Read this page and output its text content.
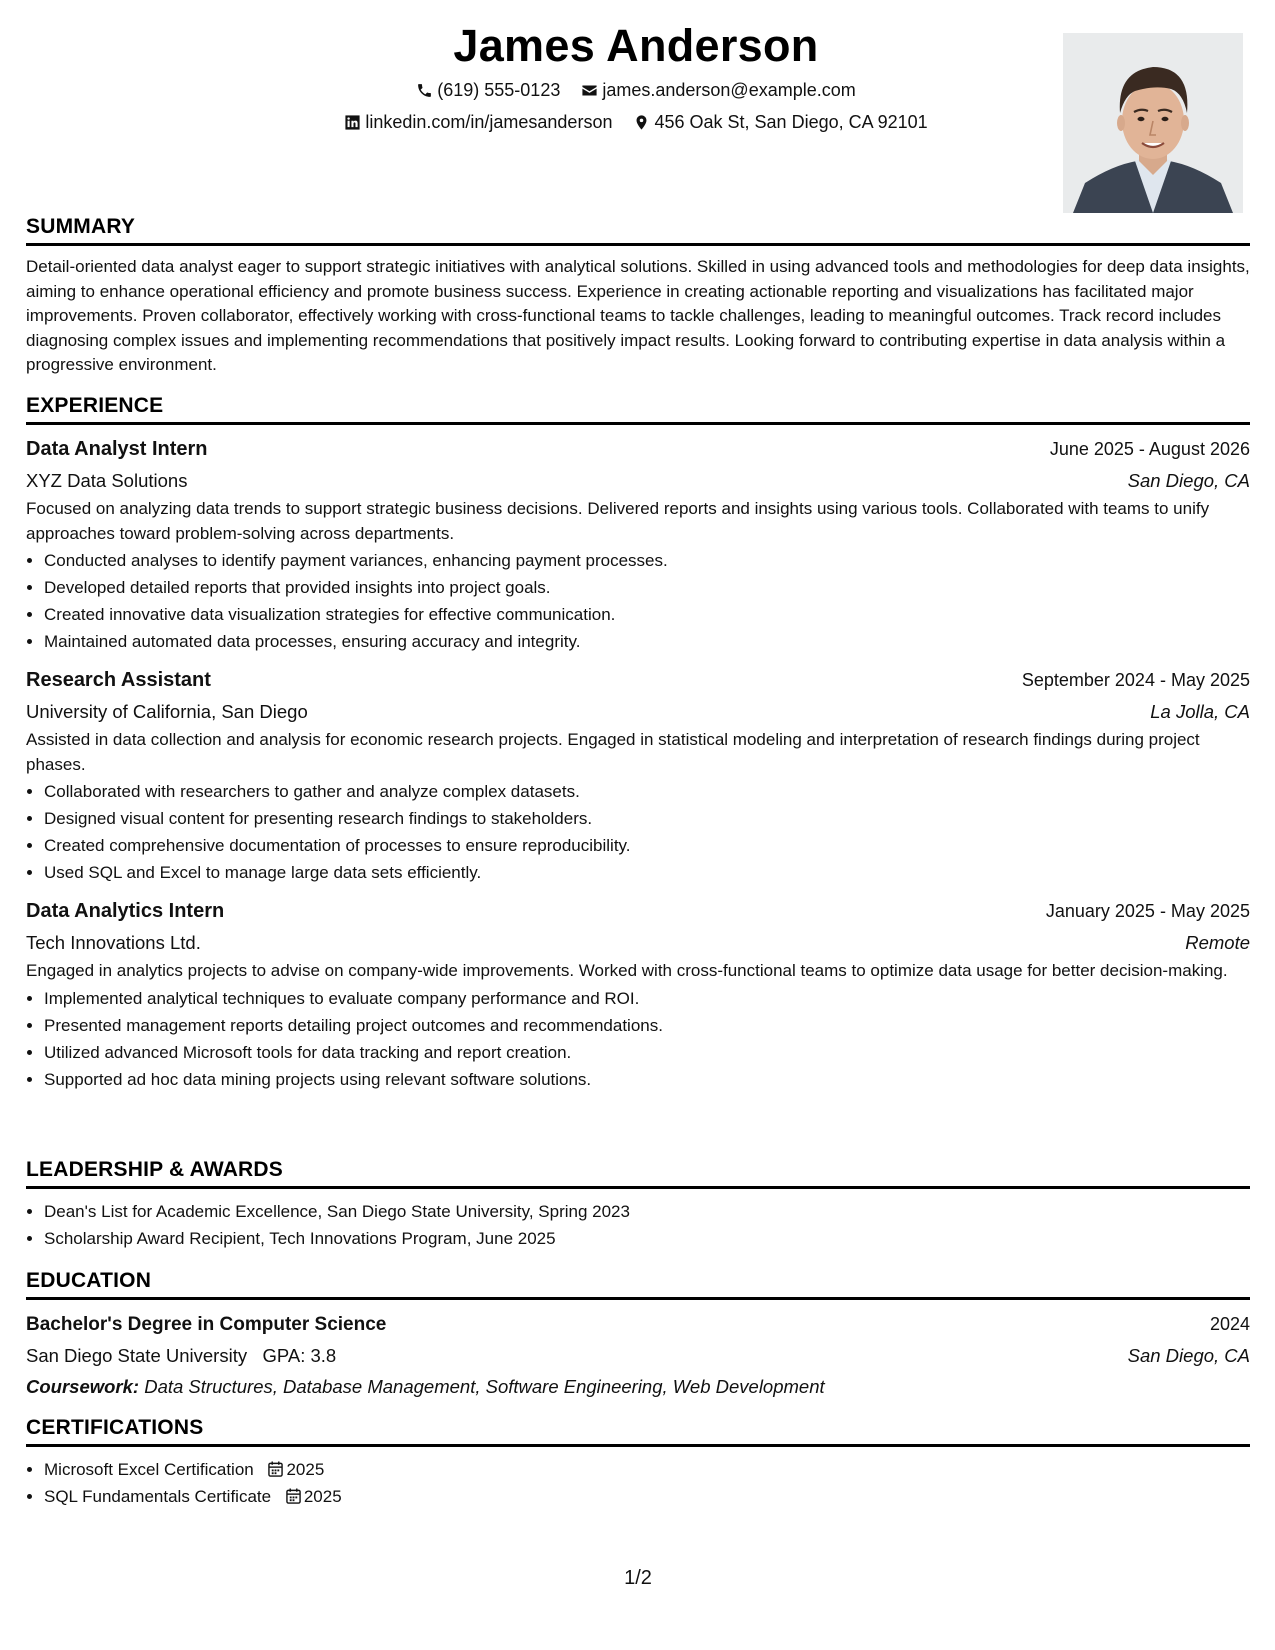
James Anderson
(619) 555-0123
james.anderson@example.com
linkedin.com/in/jamesanderson
456 Oak St, San Diego, CA 92101
SUMMARY

Detail-oriented data analyst eager to support strategic initiatives with analytical solutions. Skilled in using advanced tools and methodologies for deep data insights, aiming to enhance operational efficiency and promote business success. Experience in creating actionable reporting and visualizations has facilitated major improvements. Proven collaborator, effectively working with cross-functional teams to tackle challenges, leading to meaningful outcomes. Track record includes diagnosing complex issues and implementing recommendations that positively impact results. Looking forward to contributing expertise in data analysis within a progressive environment.

EXPERIENCE
Data Analyst Intern	June 2025 - August 2026
XYZ Data Solutions	San Diego, CA

Focused on analyzing data trends to support strategic business decisions. Delivered reports and insights using various tools. Collaborated with teams to unify approaches toward problem-solving across departments.

• Conducted analyses to identify payment variances, enhancing payment processes.
• Developed detailed reports that provided insights into project goals.
• Created innovative data visualization strategies for effective communication.
• Maintained automated data processes, ensuring accuracy and integrity.
Research Assistant	September 2024 - May 2025
University of California, San Diego	La Jolla, CA

Assisted in data collection and analysis for economic research projects. Engaged in statistical modeling and interpretation of research findings during project phases.

• Collaborated with researchers to gather and analyze complex datasets.
• Designed visual content for presenting research findings to stakeholders.
• Created comprehensive documentation of processes to ensure reproducibility.
• Used SQL and Excel to manage large data sets efficiently.
Data Analytics Intern	January 2025 - May 2025
Tech Innovations Ltd.	Remote

Engaged in analytics projects to advise on company-wide improvements. Worked with cross-functional teams to optimize data usage for better decision-making.

• Implemented analytical techniques to evaluate company performance and ROI.
• Presented management reports detailing project outcomes and recommendations.
• Utilized advanced Microsoft tools for data tracking and report creation.
• Supported ad hoc data mining projects using relevant software solutions.
LEADERSHIP & AWARDS
• Dean's List for Academic Excellence, San Diego State University, Spring 2023
• Scholarship Award Recipient, Tech Innovations Program, June 2025
EDUCATION
Bachelor's Degree in Computer Science	2024
San Diego State University GPA: 3.8	San Diego, CA
Coursework: Data Structures, Database Management, Software Engineering, Web Development
CERTIFICATIONS
• Microsoft Excel Certification 2025
• SQL Fundamentals Certificate 2025
1/2
